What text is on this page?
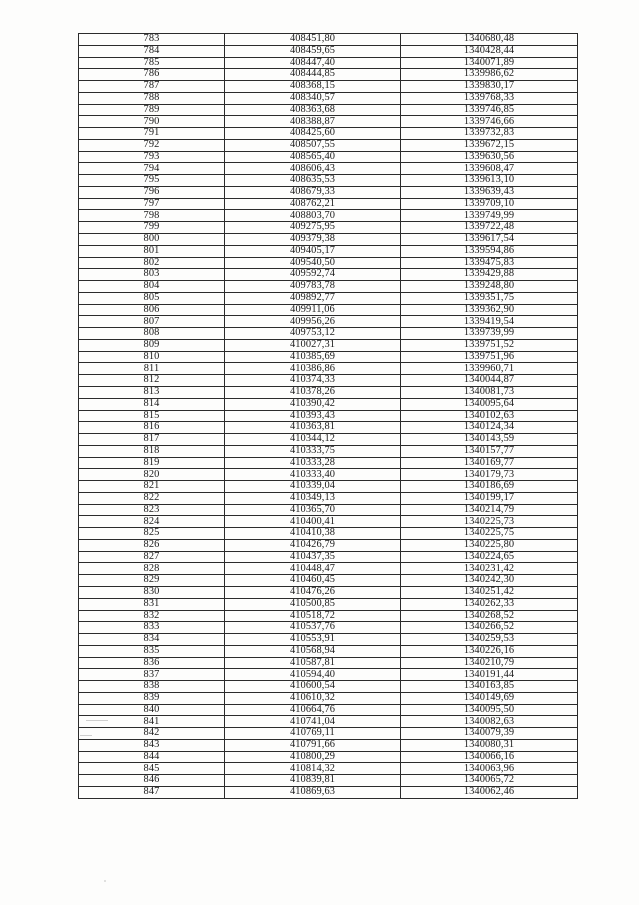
783	408451,80	1340680,48
784	408459,65	1340428,44
785	408447,40	1340071,89
786	408444,85	1339986,62
787	408368,15	1339830,17
788	408340,57	1339768,33
789	408363,68	1339746,85
790	408388,87	1339746,66
791	408425,60	1339732,83
792	408507,55	1339672,15
793	408565,40	1339630,56
794	408606,43	1339608,47
795	408635,53	1339613,10
796	408679,33	1339639,43
797	408762,21	1339709,10
798	408803,70	1339749,99
799	409275,95	1339722,48
800	409379,38	1339617,54
801	409405,17	1339594,86
802	409540,50	1339475,83
803	409592,74	1339429,88
804	409783,78	1339248,80
805	409892,77	1339351,75
806	409911,06	1339362,90
807	409956,26	1339419,54
808	409753,12	1339739,99
809	410027,31	1339751,52
810	410385,69	1339751,96
811	410386,86	1339960,71
812	410374,33	1340044,87
813	410378,26	1340081,73
814	410390,42	1340095,64
815	410393,43	1340102,63
816	410363,81	1340124,34
817	410344,12	1340143,59
818	410333,75	1340157,77
819	410333,28	1340169,77
820	410333,40	1340179,73
821	410339,04	1340186,69
822	410349,13	1340199,17
823	410365,70	1340214,79
824	410400,41	1340225,73
825	410410,38	1340225,75
826	410426,79	1340225,80
827	410437,35	1340224,65
828	410448,47	1340231,42
829	410460,45	1340242,30
830	410476,26	1340251,42
831	410500,85	1340262,33
832	410518,72	1340268,52
833	410537,76	1340266,52
834	410553,91	1340259,53
835	410568,94	1340226,16
836	410587,81	1340210,79
837	410594,40	1340191,44
838	410600,54	1340163,85
839	410610,32	1340149,69
840	410664,76	1340095,50
841	410741,04	1340082,63
842	410769,11	1340079,39
843	410791,66	1340080,31
844	410800,29	1340066,16
845	410814,32	1340063,96
846	410839,81	1340065,72
847	410869,63	1340062,46
